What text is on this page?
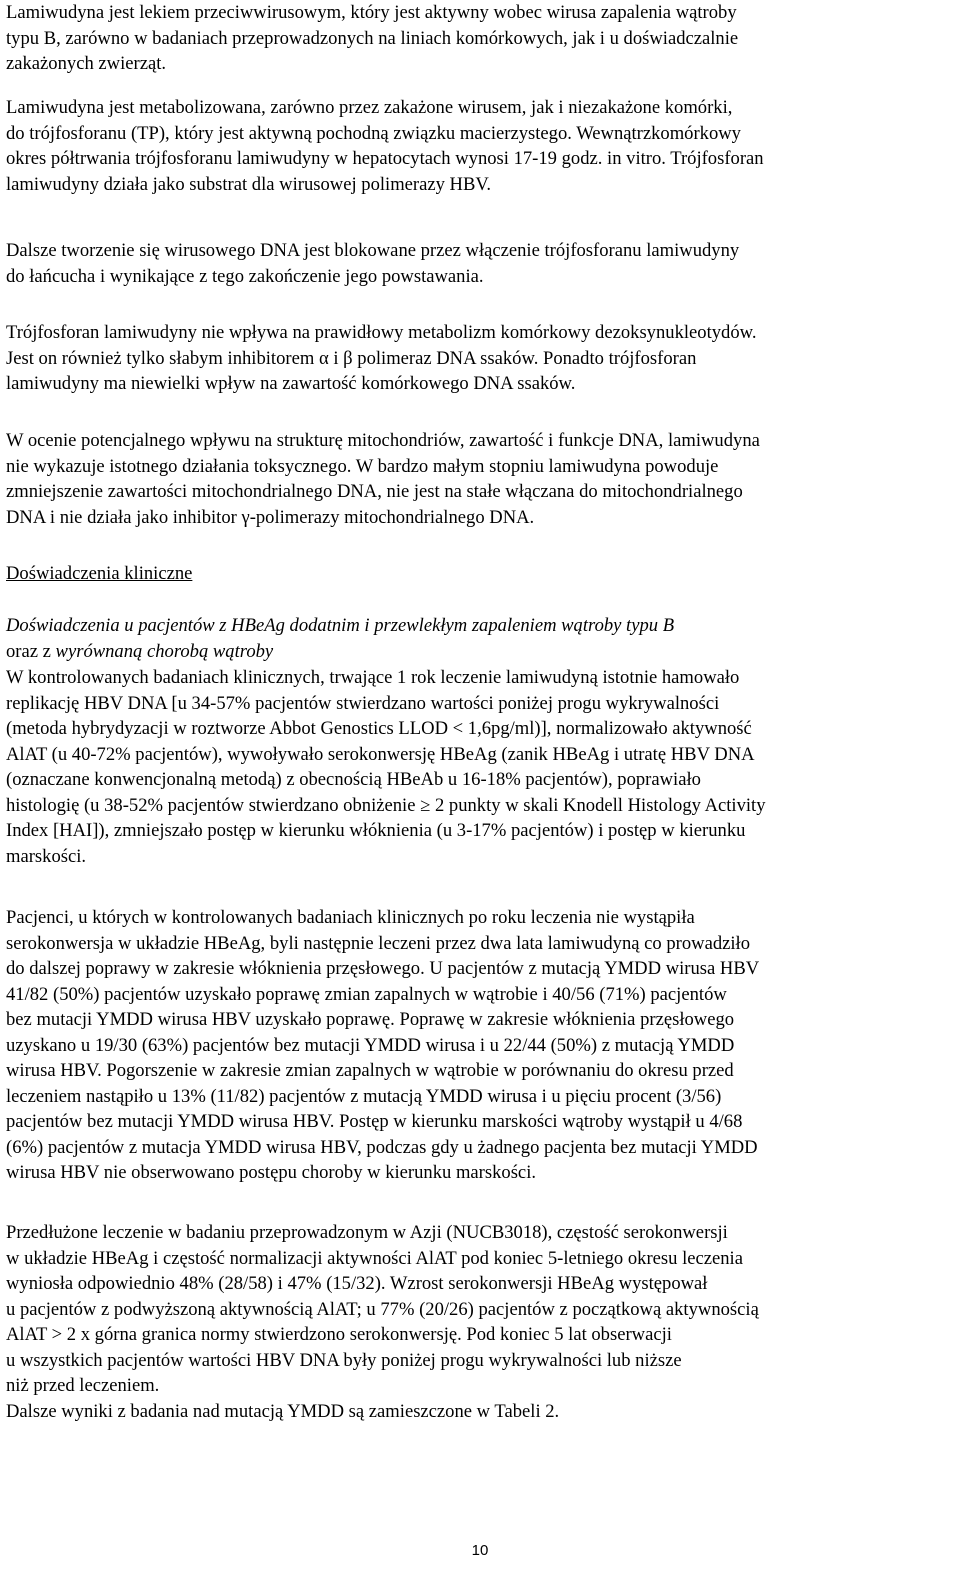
Lamiwudyna jest lekiem przeciwwirusowym, który jest aktywny wobec wirusa zapalenia wątroby
typu B, zarówno w badaniach przeprowadzonych na liniach komórkowych, jak i u doświadczalnie
zakażonych zwierząt.

Lamiwudyna jest metabolizowana, zarówno przez zakażone wirusem, jak i niezakażone komórki,
do trójfosforanu (TP), który jest aktywną pochodną związku macierzystego. Wewnątrzkomórkowy
okres półtrwania trójfosforanu lamiwudyny w hepatocytach wynosi 17-19 godz. in vitro. Trójfosforan
lamiwudyny działa jako substrat dla wirusowej polimerazy HBV.

Dalsze tworzenie się wirusowego DNA jest blokowane przez włączenie trójfosforanu lamiwudyny
do łańcucha i wynikające z tego zakończenie jego powstawania.

Trójfosforan lamiwudyny nie wpływa na prawidłowy metabolizm komórkowy dezoksynukleotydów.
Jest on również tylko słabym inhibitorem α i β polimeraz DNA ssaków. Ponadto trójfosforan
lamiwudyny ma niewielki wpływ na zawartość komórkowego DNA ssaków.

W ocenie potencjalnego wpływu na strukturę mitochondriów, zawartość i funkcje DNA, lamiwudyna
nie wykazuje istotnego działania toksycznego. W bardzo małym stopniu lamiwudyna powoduje
zmniejszenie zawartości mitochondrialnego DNA, nie jest na stałe włączana do mitochondrialnego
DNA i nie działa jako inhibitor γ-polimerazy mitochondrialnego DNA.

Doświadczenia kliniczne

Doświadczenia u pacjentów z HBeAg dodatnim i przewlekłym zapaleniem wątroby typu B
oraz z wyrównaną chorobą wątroby

W kontrolowanych badaniach klinicznych, trwające 1 rok leczenie lamiwudyną istotnie hamowało
replikację HBV DNA [u 34-57% pacjentów stwierdzano wartości poniżej progu wykrywalności
(metoda hybrydyzacji w roztworze Abbot Genostics LLOD < 1,6pg/ml)], normalizowało aktywność
AlAT (u 40-72% pacjentów), wywoływało serokonwersję HBeAg (zanik HBeAg i utratę HBV DNA
(oznaczane konwencjonalną metodą) z obecnością HBeAb u 16-18% pacjentów), poprawiało
histologię (u 38-52% pacjentów stwierdzano obniżenie ≥ 2 punkty w skali Knodell Histology Activity
Index [HAI]), zmniejszało postęp w kierunku włóknienia (u 3-17% pacjentów) i postęp w kierunku
marskości.

Pacjenci, u których w kontrolowanych badaniach klinicznych po roku leczenia nie wystąpiła
serokonwersja w układzie HBeAg, byli następnie leczeni przez dwa lata lamiwudyną co prowadziło
do dalszej poprawy w zakresie włóknienia przęsłowego. U pacjentów z mutacją YMDD wirusa HBV
41/82 (50%) pacjentów uzyskało poprawę zmian zapalnych w wątrobie i 40/56 (71%) pacjentów
bez mutacji YMDD wirusa HBV uzyskało poprawę. Poprawę w zakresie włóknienia przęsłowego
uzyskano u 19/30 (63%) pacjentów bez mutacji YMDD wirusa i u 22/44 (50%) z mutacją YMDD
wirusa HBV. Pogorszenie w zakresie zmian zapalnych w wątrobie w porównaniu do okresu przed
leczeniem nastąpiło u 13% (11/82) pacjentów z mutacją YMDD wirusa i u pięciu procent (3/56)
pacjentów bez mutacji YMDD wirusa HBV. Postęp w kierunku marskości wątroby wystąpił u 4/68
(6%) pacjentów z mutacja YMDD wirusa HBV, podczas gdy u żadnego pacjenta bez mutacji YMDD
wirusa HBV nie obserwowano postępu choroby w kierunku marskości.

Przedłużone leczenie w badaniu przeprowadzonym w Azji (NUCB3018), częstość serokonwersji
w układzie HBeAg i częstość normalizacji aktywności AlAT pod koniec 5-letniego okresu leczenia
wyniosła odpowiednio 48% (28/58) i 47% (15/32). Wzrost serokonwersji HBeAg występował
u pacjentów z podwyższoną aktywnością AlAT; u 77% (20/26) pacjentów z początkową aktywnością
AlAT > 2 x górna granica normy stwierdzono serokonwersję. Pod koniec 5 lat obserwacji
u wszystkich pacjentów wartości HBV DNA były poniżej progu wykrywalności lub niższe
niż przed leczeniem.
Dalsze wyniki z badania nad mutacją YMDD są zamieszczone w Tabeli 2.

10
